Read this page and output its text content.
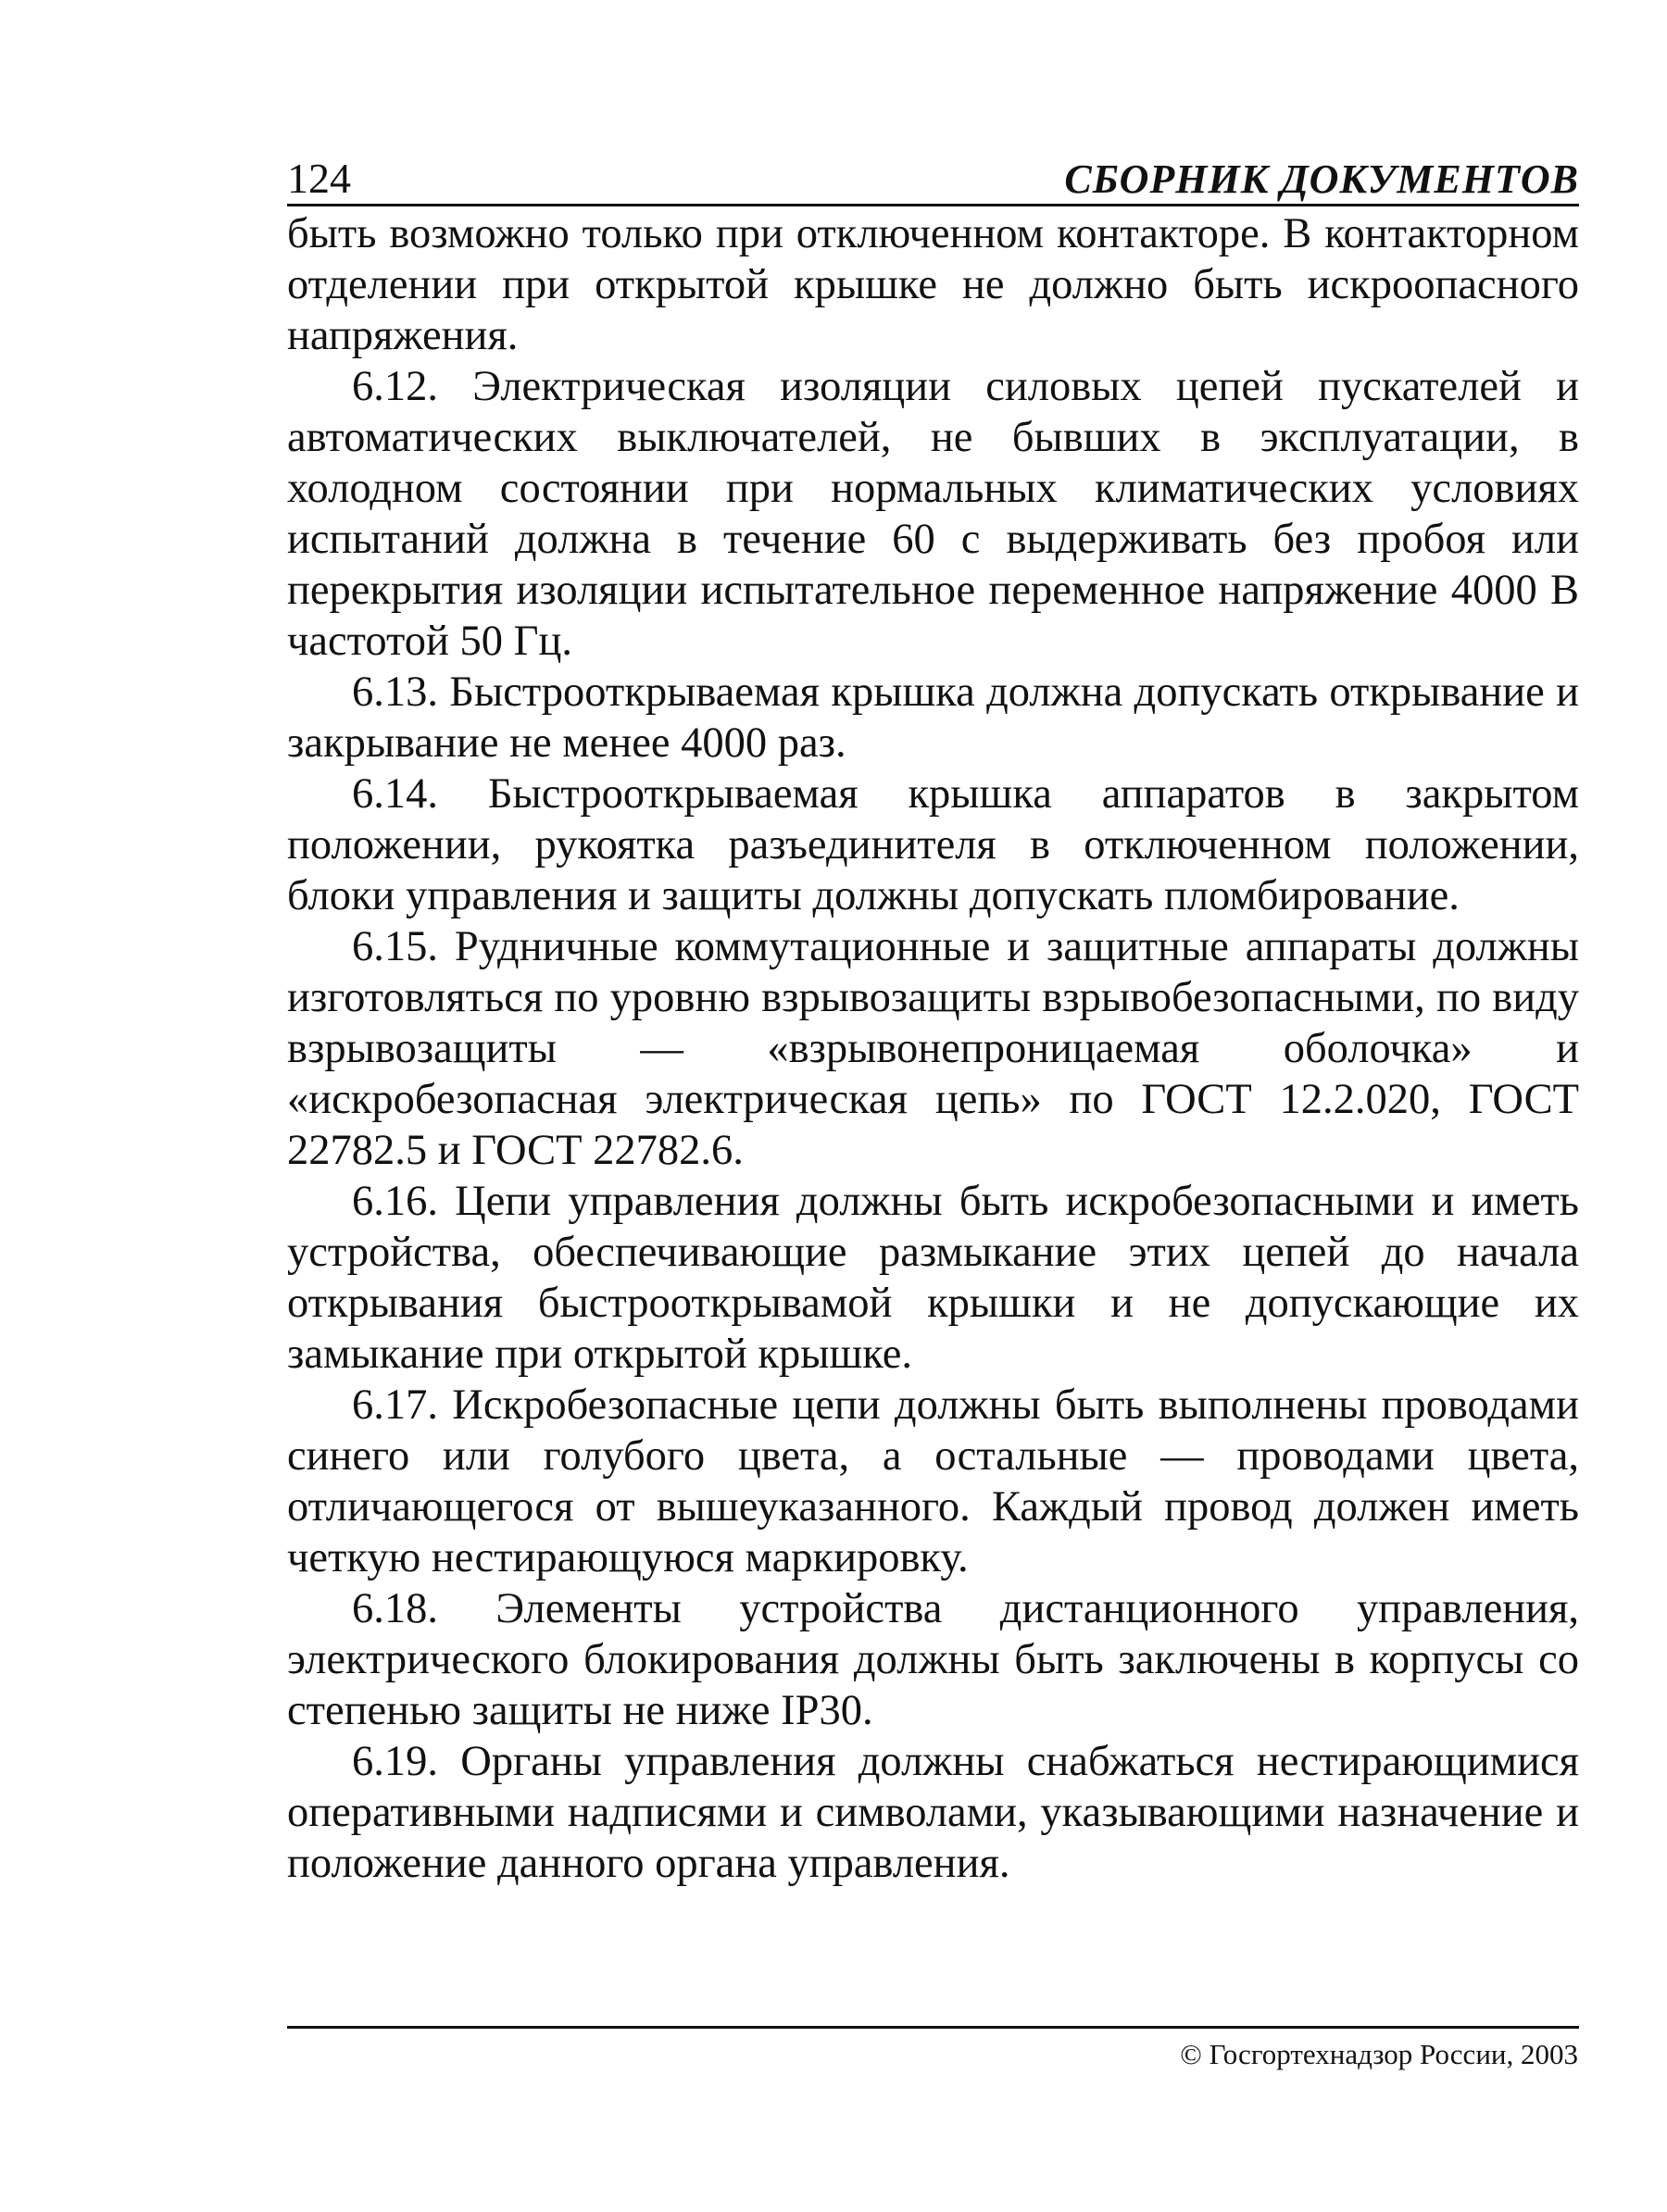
124	СБОРНИК ДОКУМЕНТОВ

быть возможно только при отключенном контакторе. В контакторном отделении при открытой крышке не должно быть искроопасного напряжения.

6.12. Электрическая изоляции силовых цепей пускателей и автоматических выключателей, не бывших в эксплуатации, в холодном состоянии при нормальных климатических условиях испытаний должна в течение 60 с выдерживать без пробоя или перекрытия изоляции испытательное переменное напряжение 4000 В частотой 50 Гц.

6.13. Быстрооткрываемая крышка должна допускать открывание и закрывание не менее 4000 раз.

6.14. Быстрооткрываемая крышка аппаратов в закрытом положении, рукоятка разъединителя в отключенном положении, блоки управления и защиты должны допускать пломбирование.

6.15. Рудничные коммутационные и защитные аппараты должны изготовляться по уровню взрывозащиты взрывобезопасными, по виду взрывозащиты — «взрывонепроницаемая оболочка» и «искробезопасная электрическая цепь» по ГОСТ 12.2.020, ГОСТ 22782.5 и ГОСТ 22782.6.

6.16. Цепи управления должны быть искробезопасными и иметь устройства, обеспечивающие размыкание этих цепей до начала открывания быстрооткрывамой крышки и не допускающие их замыкание при открытой крышке.

6.17. Искробезопасные цепи должны быть выполнены проводами синего или голубого цвета, а остальные — проводами цвета, отличающегося от вышеуказанного. Каждый провод должен иметь четкую нестирающуюся маркировку.

6.18. Элементы устройства дистанционного управления, электрического блокирования должны быть заключены в корпусы со степенью защиты не ниже IP30.

6.19. Органы управления должны снабжаться нестирающимися оперативными надписями и символами, указывающими назначение и положение данного органа управления.

© Госгортехнадзор России, 2003
